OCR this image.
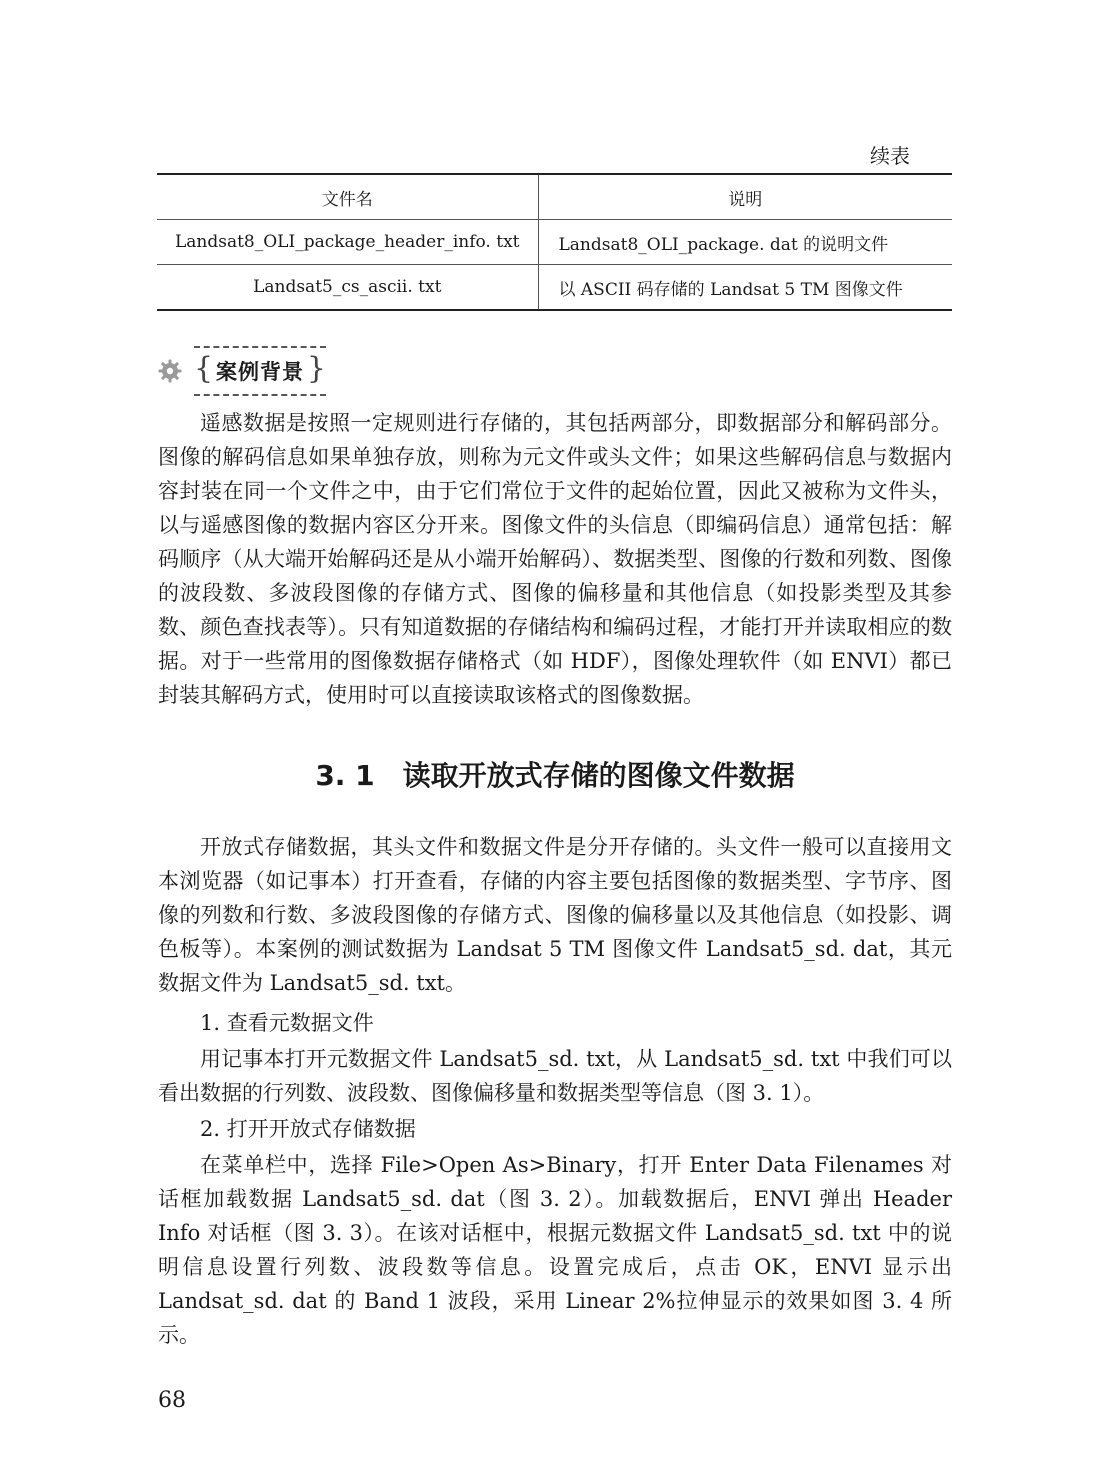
续表
文件名	说明
Landsat8_OLI_package_header_info. txt	Landsat8_OLI_package. dat 的说明文件
Landsat5_cs_ascii. txt	以 ASCII 码存储的 Landsat 5 TM 图像文件
{ 案例背景 }

遥感数据是按照一定规则进行存储的，其包括两部分，即数据部分和解码部分。图像的解码信息如果单独存放，则称为元文件或头文件；如果这些解码信息与数据内容封装在同一个文件之中，由于它们常位于文件的起始位置，因此又被称为文件头，以与遥感图像的数据内容区分开来。图像文件的头信息（即编码信息）通常包括：解码顺序（从大端开始解码还是从小端开始解码）、数据类型、图像的行数和列数、图像的波段数、多波段图像的存储方式、图像的偏移量和其他信息（如投影类型及其参数、颜色查找表等）。只有知道数据的存储结构和编码过程，才能打开并读取相应的数据。对于一些常用的图像数据存储格式（如 HDF），图像处理软件（如 ENVI）都已封装其解码方式，使用时可以直接读取该格式的图像数据。

3. 1 读取开放式存储的图像文件数据

开放式存储数据，其头文件和数据文件是分开存储的。头文件一般可以直接用文本浏览器（如记事本）打开查看，存储的内容主要包括图像的数据类型、字节序、图像的列数和行数、多波段图像的存储方式、图像的偏移量以及其他信息（如投影、调色板等）。本案例的测试数据为 Landsat 5 TM 图像文件 Landsat5_sd. dat，其元数据文件为 Landsat5_sd. txt。

1. 查看元数据文件

用记事本打开元数据文件 Landsat5_sd. txt，从 Landsat5_sd. txt 中我们可以看出数据的行列数、波段数、图像偏移量和数据类型等信息（图 3. 1）。

2. 打开开放式存储数据

在菜单栏中，选择 File>Open As>Binary，打开 Enter Data Filenames 对话框加载数据 Landsat5_sd. dat（图 3. 2）。加载数据后，ENVI 弹出 Header Info 对话框（图 3. 3）。在该对话框中，根据元数据文件 Landsat5_sd. txt 中的说明信息设置行列数、波段数等信息。设置完成后，点击 OK，ENVI 显示出 Landsat_sd. dat 的 Band 1 波段，采用 Linear 2%拉伸显示的效果如图 3. 4 所示。

68
